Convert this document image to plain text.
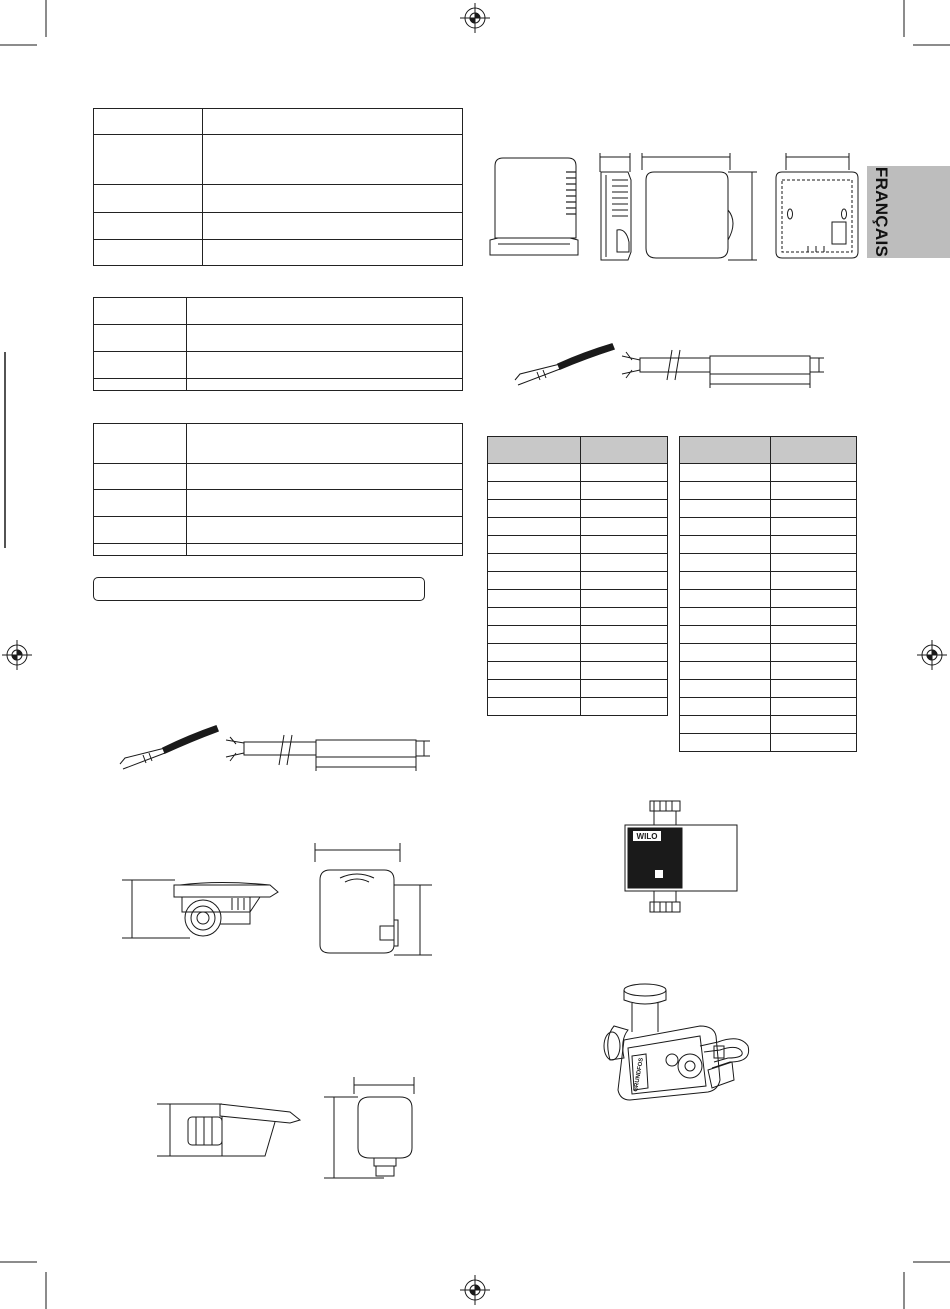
FRANÇAIS

WILO
GRUNDFOS
